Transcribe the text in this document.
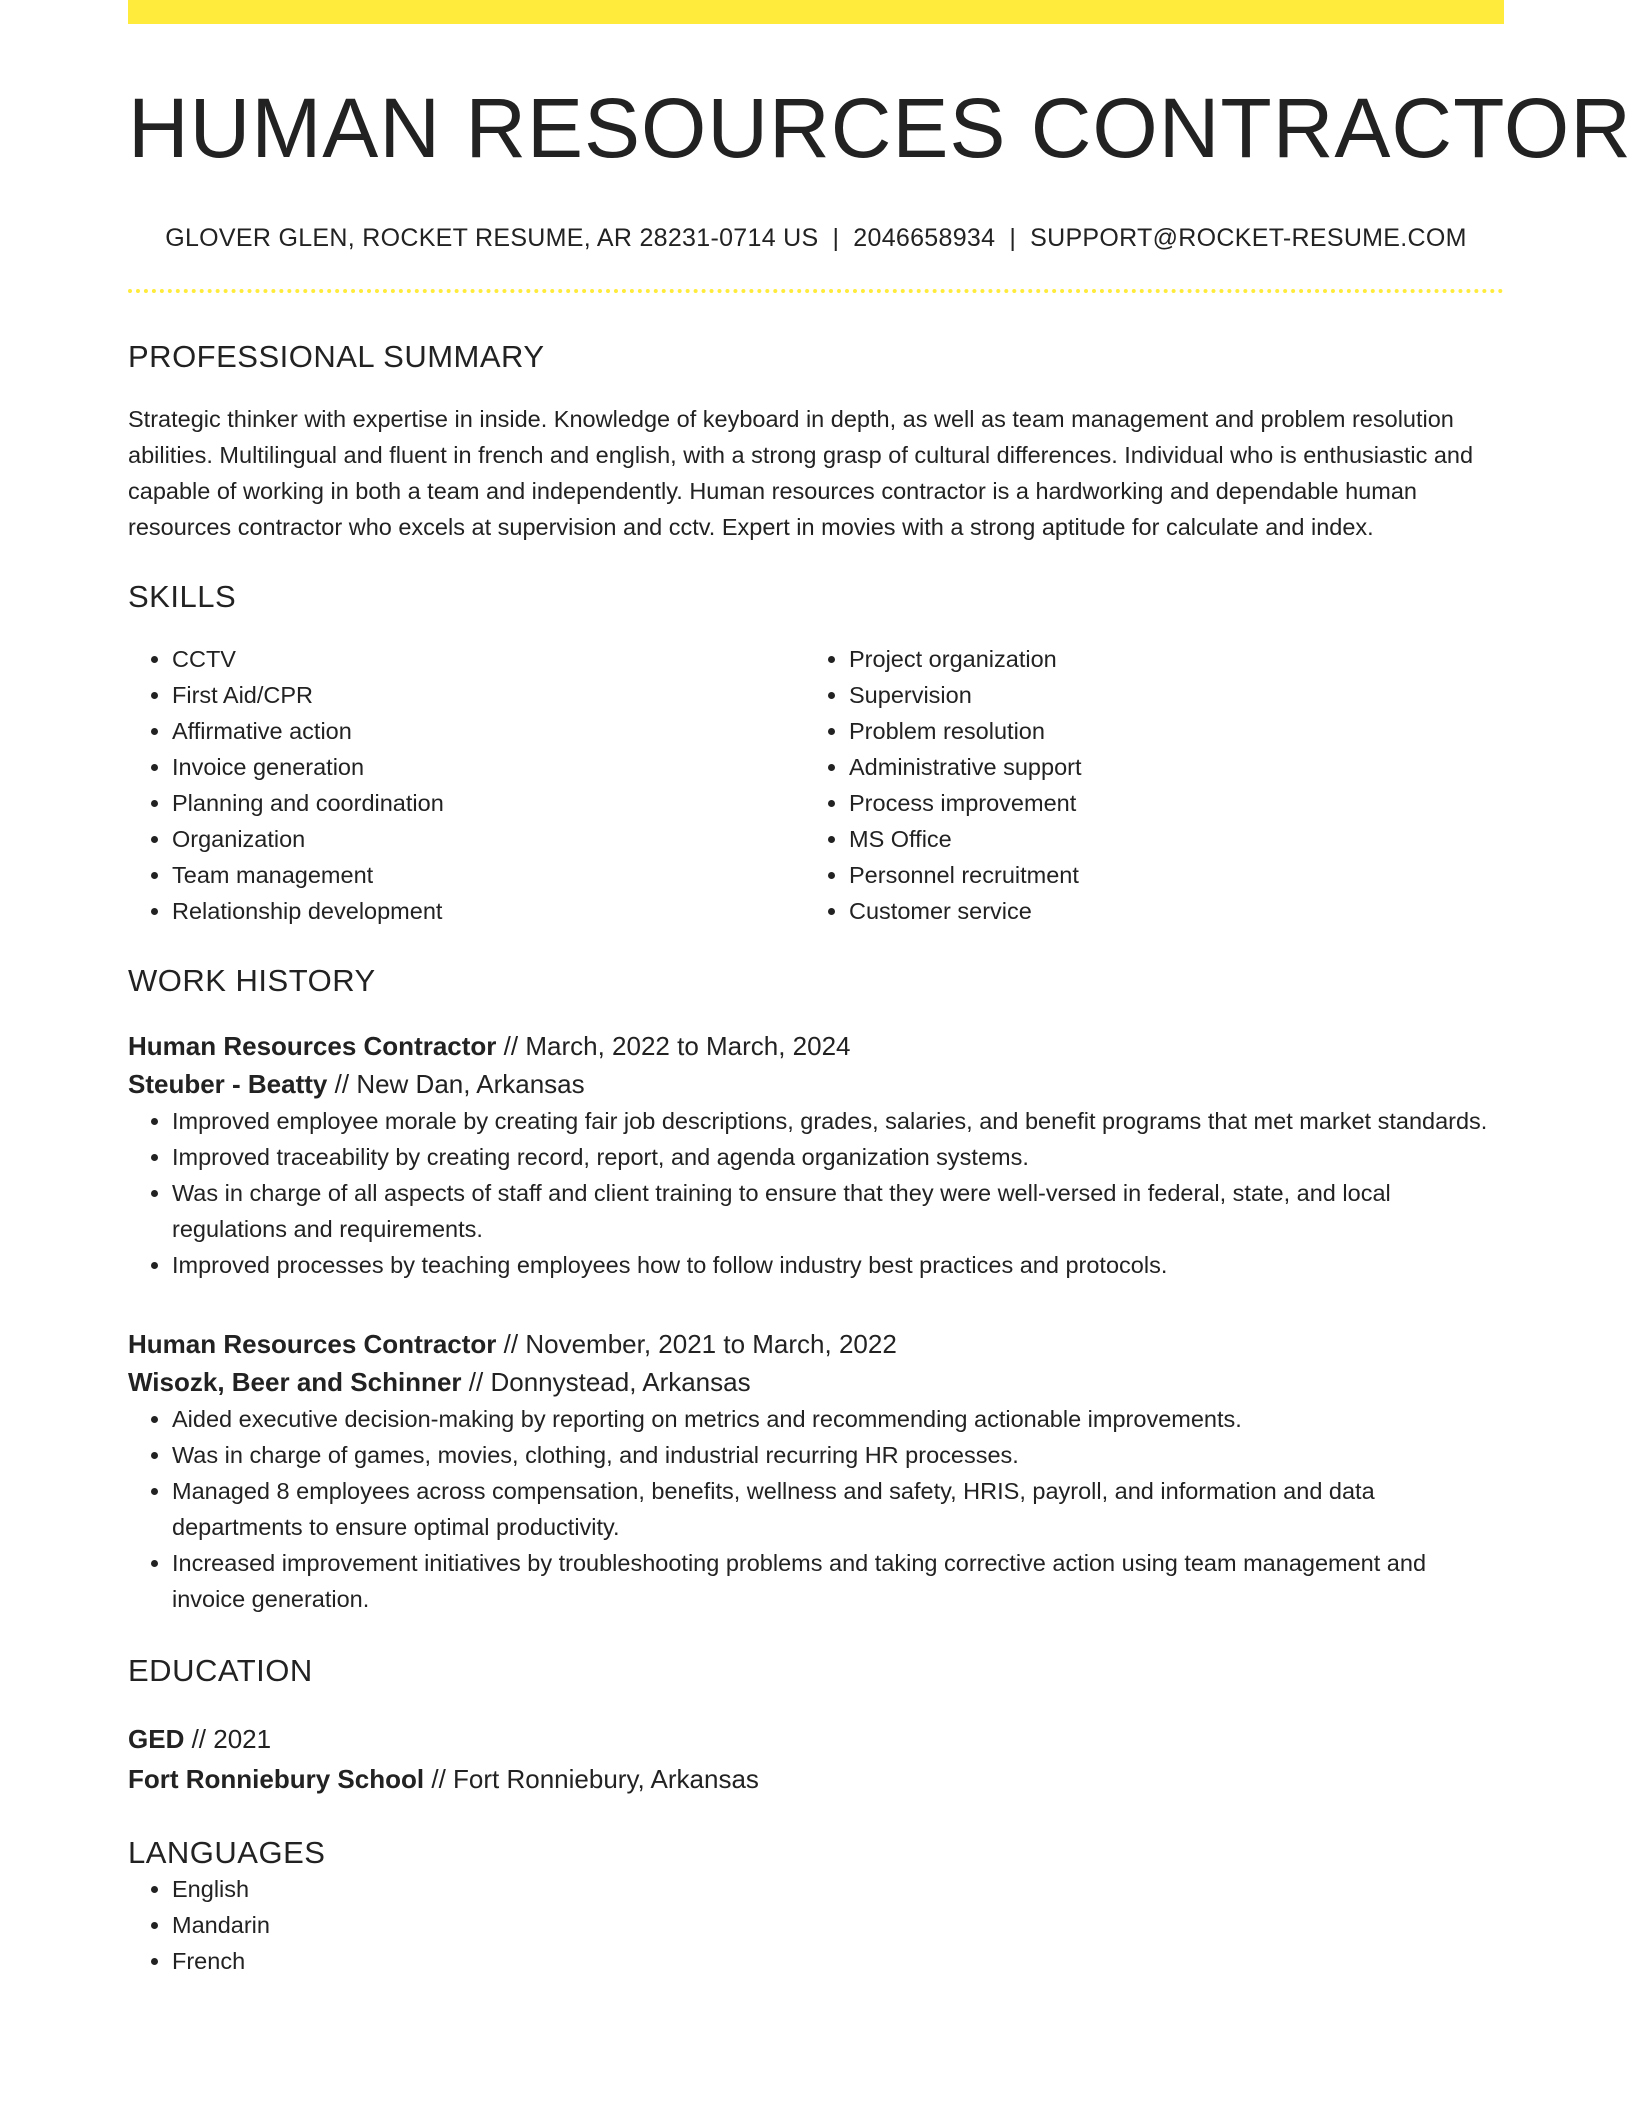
HUMAN RESOURCES CONTRACTOR
GLOVER GLEN, ROCKET RESUME, AR 28231-0714 US | 2046658934 | SUPPORT@ROCKET-RESUME.COM
PROFESSIONAL SUMMARY

Strategic thinker with expertise in inside. Knowledge of keyboard in depth, as well as team management and problem resolution abilities. Multilingual and fluent in french and english, with a strong grasp of cultural differences. Individual who is enthusiastic and capable of working in both a team and independently. Human resources contractor is a hardworking and dependable human resources contractor who excels at supervision and cctv. Expert in movies with a strong aptitude for calculate and index.

SKILLS
• CCTV
• First Aid/CPR
• Affirmative action
• Invoice generation
• Planning and coordination
• Organization
• Team management
• Relationship development
• Project organization
• Supervision
• Problem resolution
• Administrative support
• Process improvement
• MS Office
• Personnel recruitment
• Customer service
WORK HISTORY
Human Resources Contractor // March, 2022 to March, 2024
Steuber - Beatty // New Dan, Arkansas
• Improved employee morale by creating fair job descriptions, grades, salaries, and benefit programs that met market standards.
• Improved traceability by creating record, report, and agenda organization systems.
• Was in charge of all aspects of staff and client training to ensure that they were well-versed in federal, state, and local regulations and requirements.
• Improved processes by teaching employees how to follow industry best practices and protocols.
Human Resources Contractor // November, 2021 to March, 2022
Wisozk, Beer and Schinner // Donnystead, Arkansas
• Aided executive decision-making by reporting on metrics and recommending actionable improvements.
• Was in charge of games, movies, clothing, and industrial recurring HR processes.
• Managed 8 employees across compensation, benefits, wellness and safety, HRIS, payroll, and information and data departments to ensure optimal productivity.
• Increased improvement initiatives by troubleshooting problems and taking corrective action using team management and invoice generation.
EDUCATION
GED // 2021
Fort Ronniebury School // Fort Ronniebury, Arkansas
LANGUAGES
• English
• Mandarin
• French
